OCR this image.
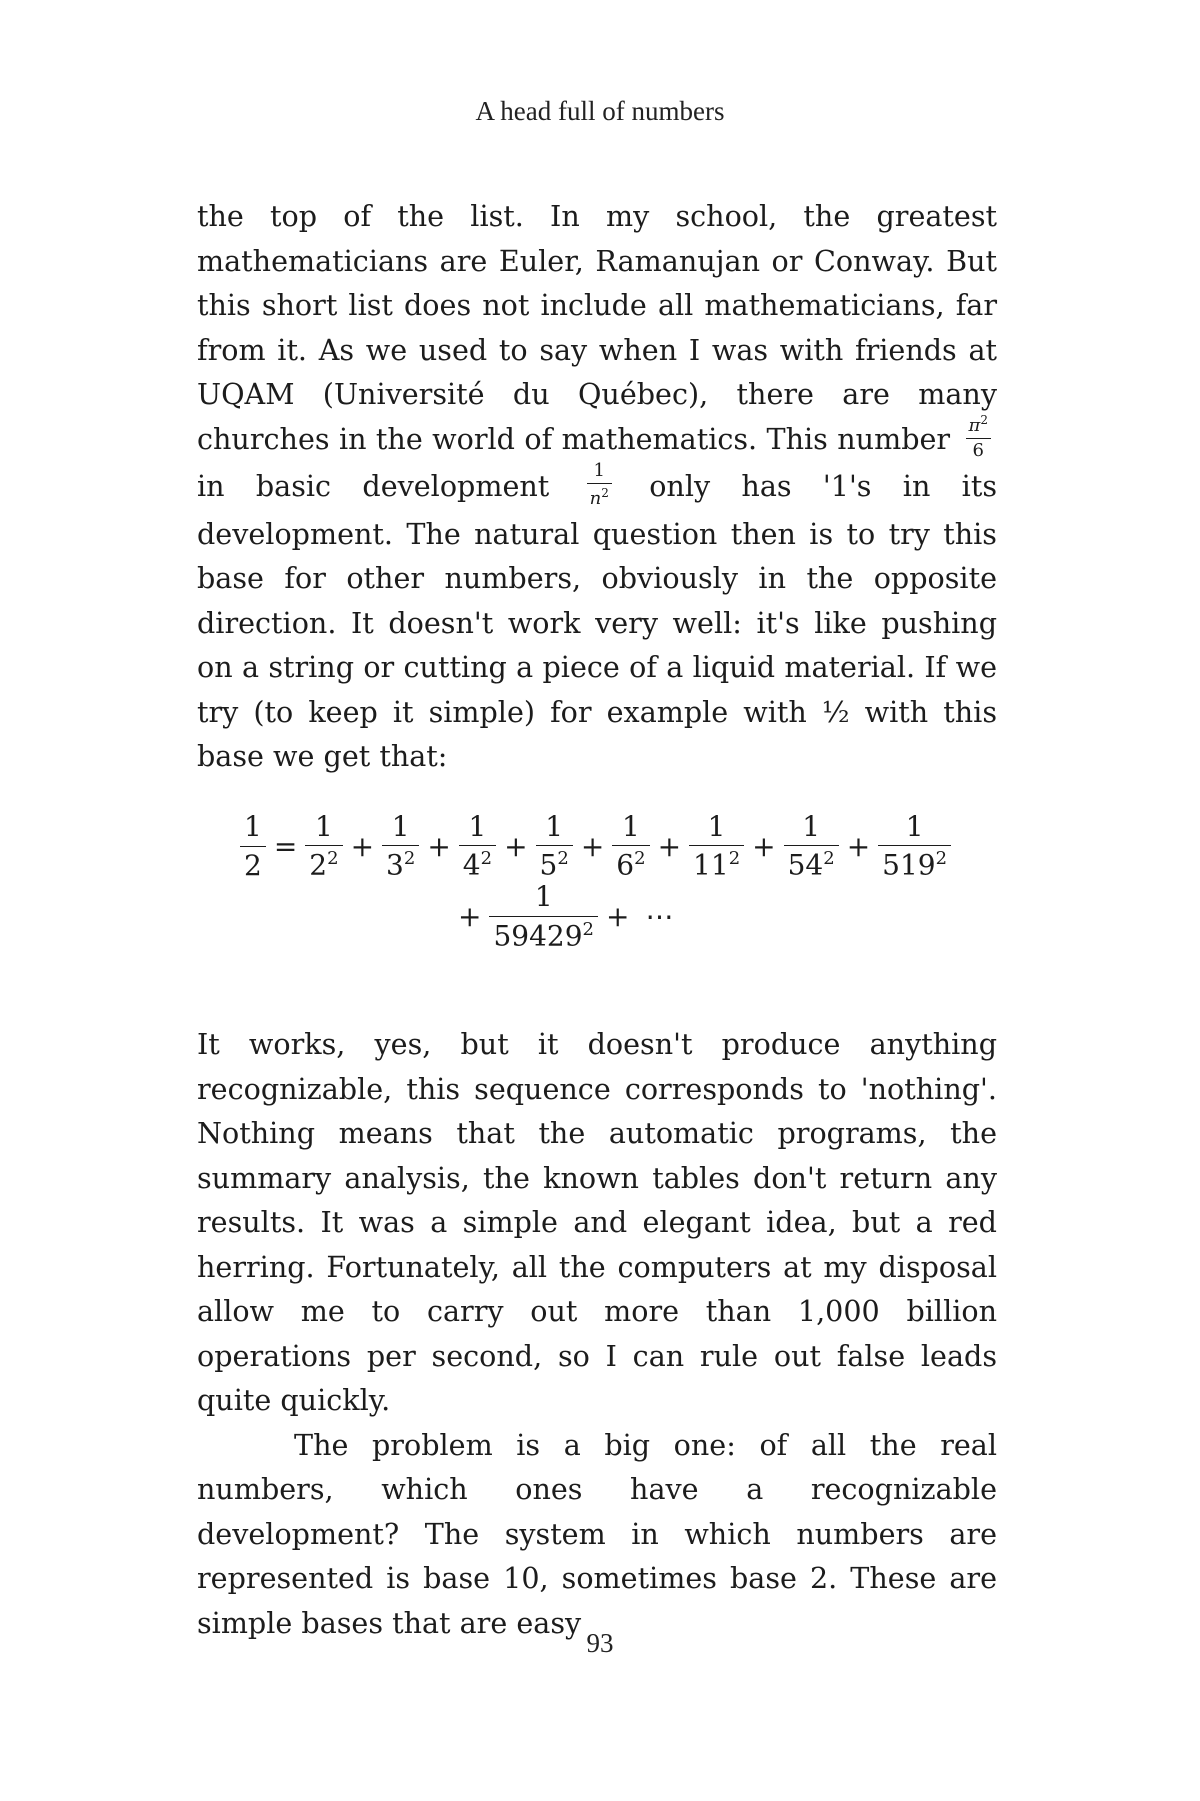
A head full of numbers

the top of the list. In my school, the greatest mathematicians are Euler, Ramanujan or Conway. But this short list does not include all mathematicians, far from it. As we used to say when I was with friends at UQAM (Université du Québec), there are many churches in the world of mathematics. This number $\frac{\pi^2}{6}$
in basic development $\frac{1}{n^2}$ only has '1's in its development. The natural question then is to try this base for other numbers, obviously in the opposite direction. It doesn't work very well: it's like pushing on a string or cutting a piece of a liquid material. If we try (to keep it simple) for example with ½ with this base we get that:

$\frac{1}{2} = \frac{1}{2^2} + \frac{1}{3^2} + \frac{1}{4^2} + \frac{1}{5^2} + \frac{1}{6^2} + \frac{1}{11^2} + \frac{1}{54^2} + \frac{1}{519^2}$
+ $\frac{1}{59429^2}$ + ⋯

It works, yes, but it doesn't produce anything recognizable, this sequence corresponds to 'nothing'. Nothing means that the automatic programs, the summary analysis, the known tables don't return any results. It was a simple and elegant idea, but a red herring. Fortunately, all the computers at my disposal allow me to carry out more than 1,000 billion operations per second, so I can rule out false leads quite quickly.

The problem is a big one: of all the real numbers, which ones have a recognizable development? The system in which numbers are represented is base 10, sometimes base 2. These are simple bases that are easy

93
